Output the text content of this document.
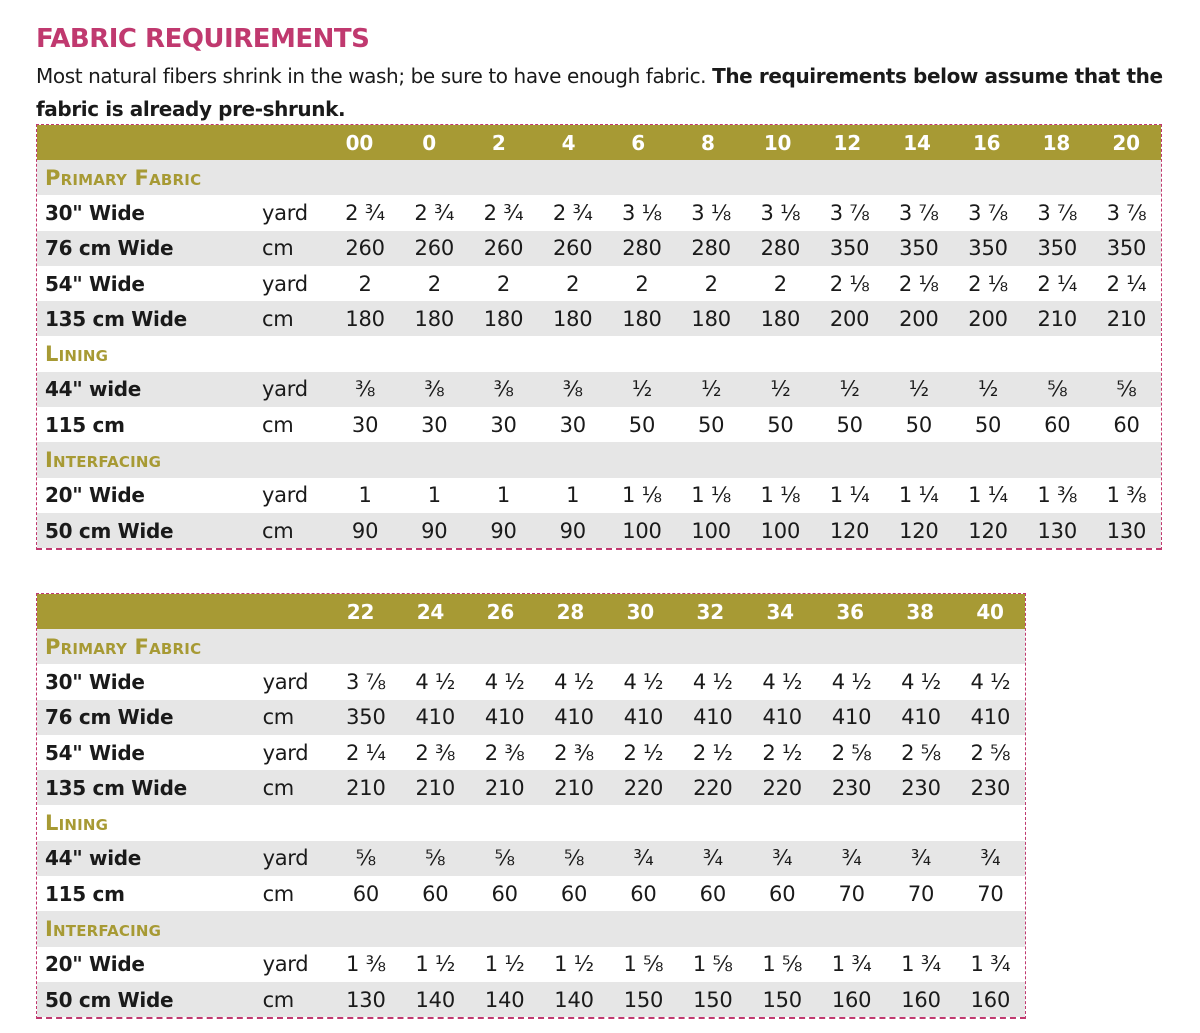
FABRIC REQUIREMENTS
Most natural fibers shrink in the wash; be sure to have enough fabric. The requirements below assume that the fabric is already pre-shrunk.
00	0	2	4	6	8	10	12	14	16	18	20
Primary Fabric
30" Wide	yard	2 ¾	2 ¾	2 ¾	2 ¾	3 ⅛	3 ⅛	3 ⅛	3 ⅞	3 ⅞	3 ⅞	3 ⅞	3 ⅞
76 cm Wide	cm	260	260	260	260	280	280	280	350	350	350	350	350
54" Wide	yard	2	2	2	2	2	2	2	2 ⅛	2 ⅛	2 ⅛	2 ¼	2 ¼
135 cm Wide	cm	180	180	180	180	180	180	180	200	200	200	210	210
Lining
44" wide	yard	⅜	⅜	⅜	⅜	½	½	½	½	½	½	⅝	⅝
115 cm	cm	30	30	30	30	50	50	50	50	50	50	60	60
Interfacing
20" Wide	yard	1	1	1	1	1 ⅛	1 ⅛	1 ⅛	1 ¼	1 ¼	1 ¼	1 ⅜	1 ⅜
50 cm Wide	cm	90	90	90	90	100	100	100	120	120	120	130	130
22	24	26	28	30	32	34	36	38	40
Primary Fabric
30" Wide	yard	3 ⅞	4 ½	4 ½	4 ½	4 ½	4 ½	4 ½	4 ½	4 ½	4 ½
76 cm Wide	cm	350	410	410	410	410	410	410	410	410	410
54" Wide	yard	2 ¼	2 ⅜	2 ⅜	2 ⅜	2 ½	2 ½	2 ½	2 ⅝	2 ⅝	2 ⅝
135 cm Wide	cm	210	210	210	210	220	220	220	230	230	230
Lining
44" wide	yard	⅝	⅝	⅝	⅝	¾	¾	¾	¾	¾	¾
115 cm	cm	60	60	60	60	60	60	60	70	70	70
Interfacing
20" Wide	yard	1 ⅜	1 ½	1 ½	1 ½	1 ⅝	1 ⅝	1 ⅝	1 ¾	1 ¾	1 ¾
50 cm Wide	cm	130	140	140	140	150	150	150	160	160	160
